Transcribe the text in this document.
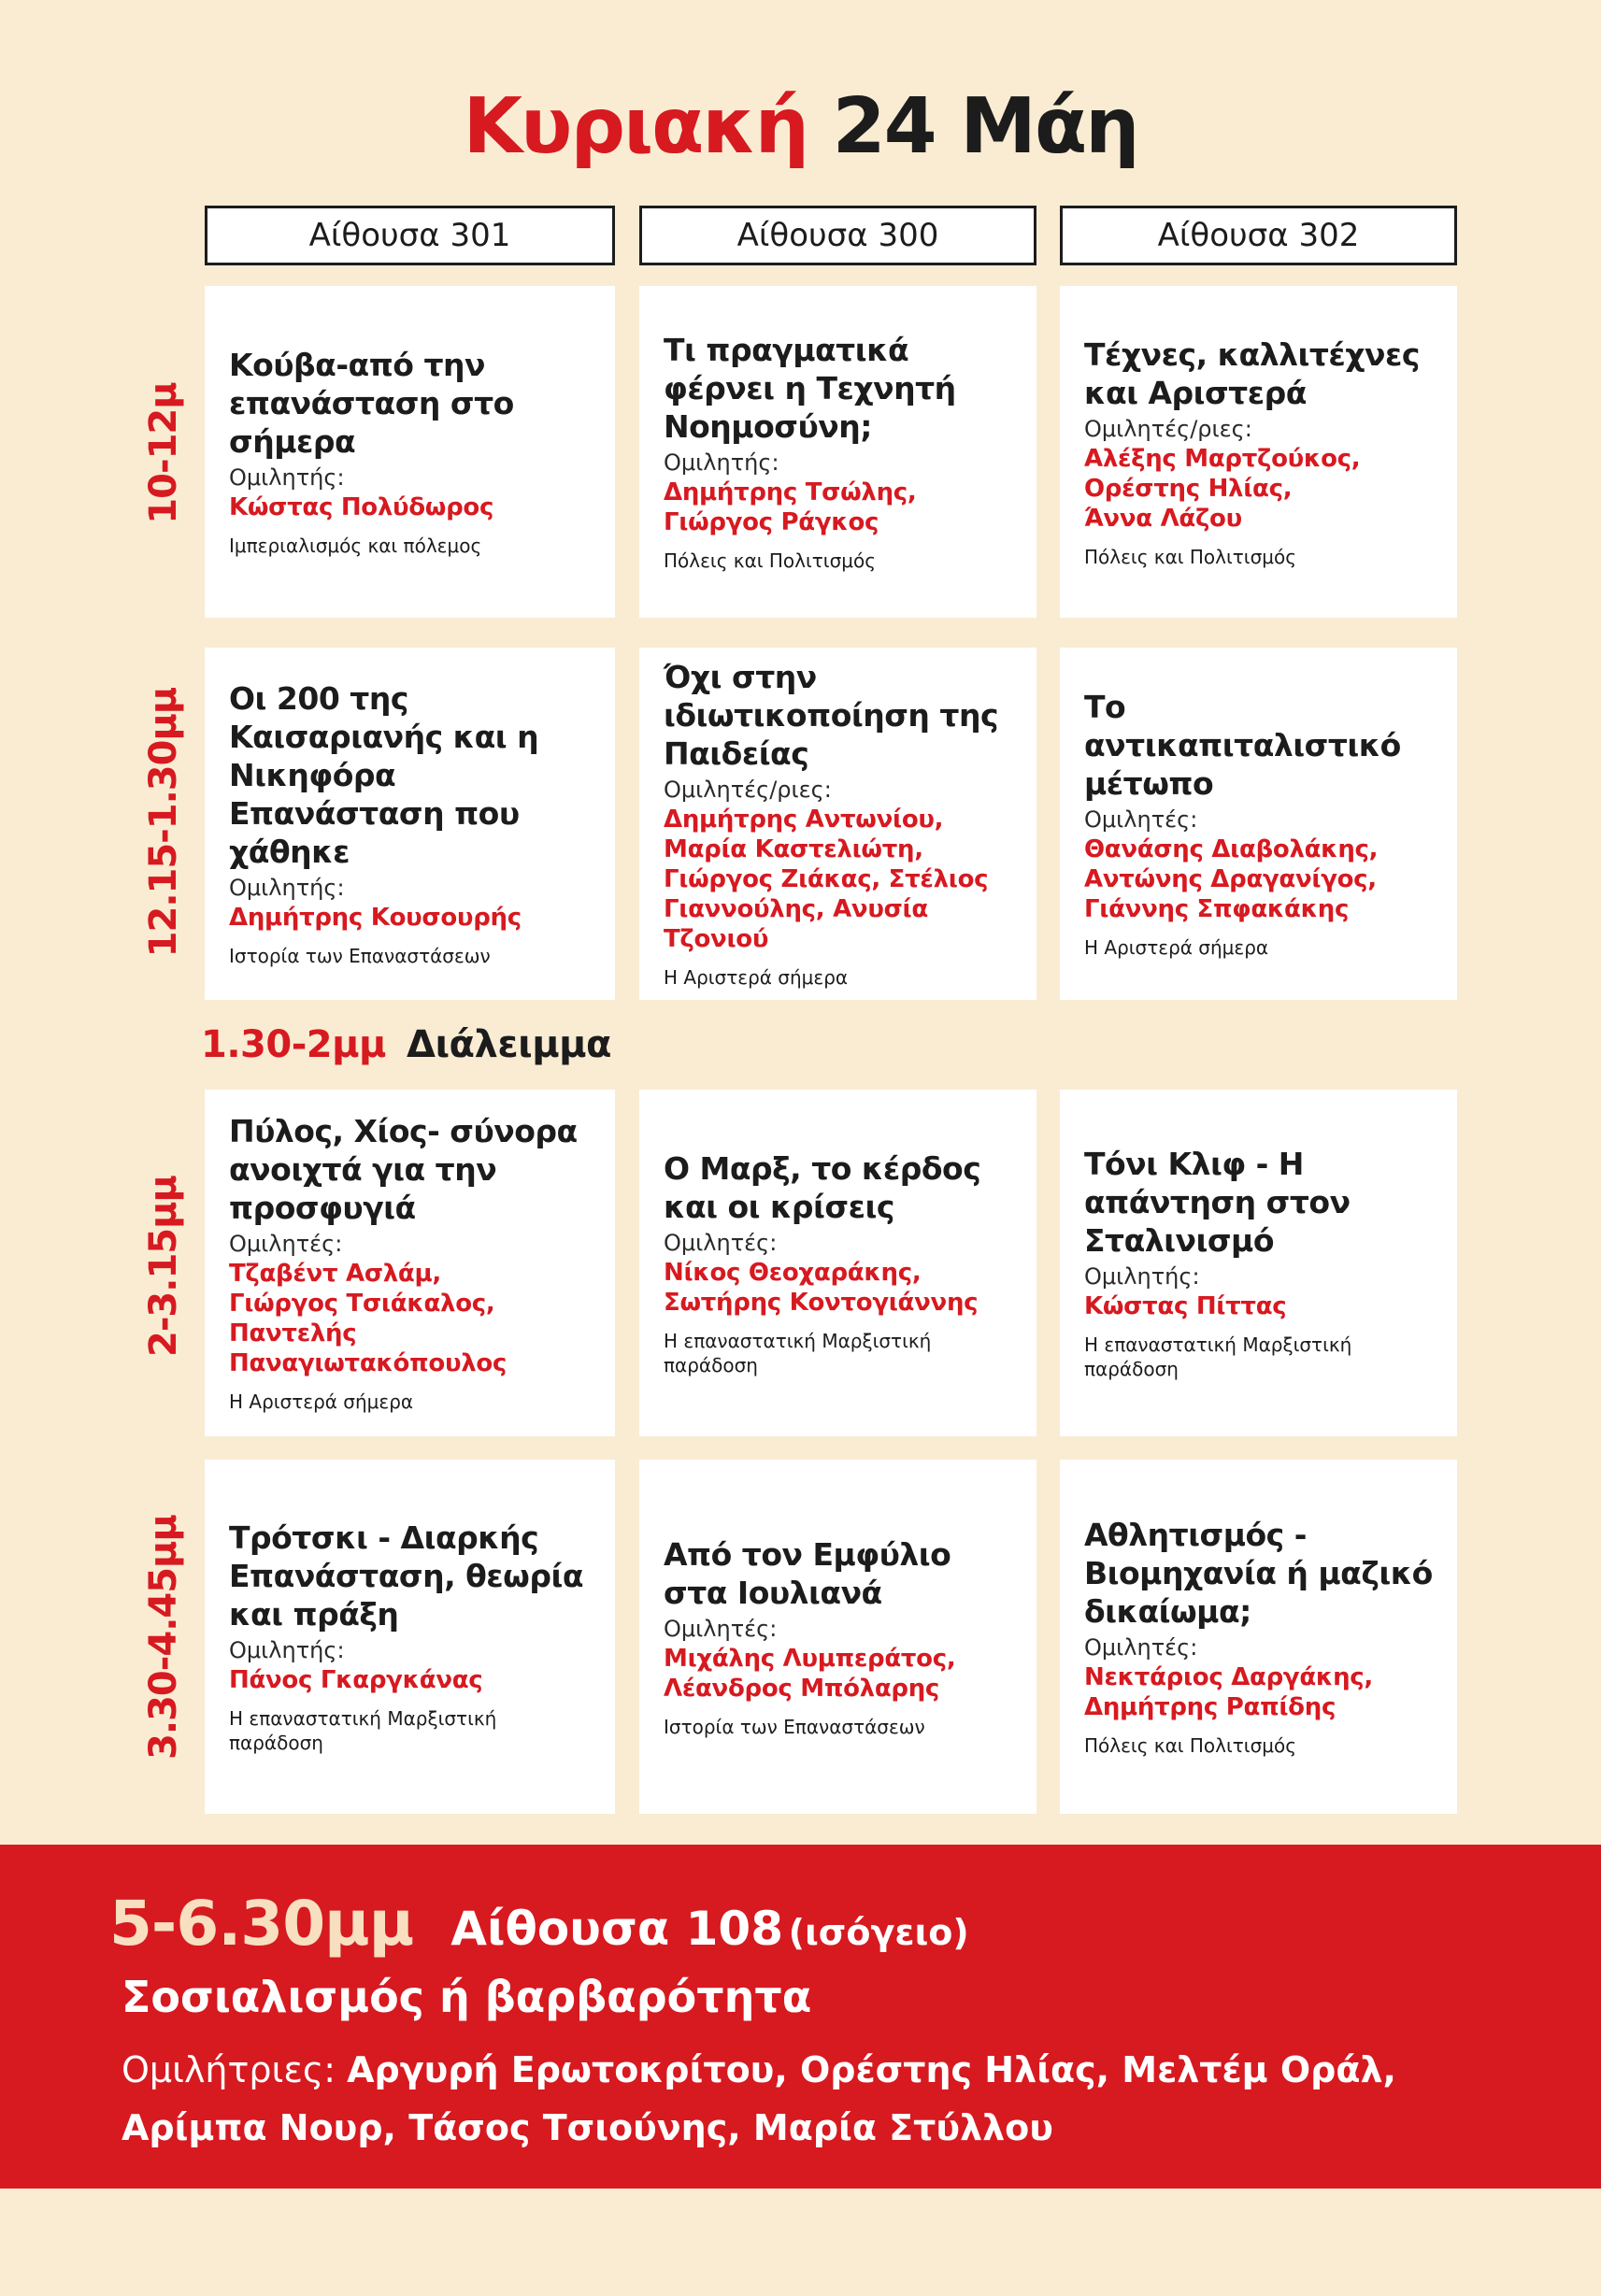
Κυριακή 24 Μάη
Αίθουσα 301	Αίθουσα 300	Αίθουσα 302
10-12μ
12.15-1.30μμ
2-3.15μμ
3.30-4.45μμ
Κούβα-από την επανάσταση στο σήμερα
Ομιλητής:
Κώστας Πολύδωρος
Ιμπεριαλισμός και πόλεμος
Τι πραγματικά φέρνει η Τεχνητή Νοημοσύνη;
Ομιλητής:
Δημήτρης Τσώλης,
Γιώργος Ράγκος
Πόλεις και Πολιτισμός
Τέχνες, καλλιτέχνες και Αριστερά
Ομιλητές/ριες:
Αλέξης Μαρτζούκος,
Ορέστης Ηλίας,
Άννα Λάζου
Πόλεις και Πολιτισμός
Οι 200 της Καισαριανής και η Νικηφόρα Επανάσταση που χάθηκε
Ομιλητής:
Δημήτρης Κουσουρής
Ιστορία των Επαναστάσεων
Όχι στην ιδιωτικοποίηση της Παιδείας
Ομιλητές/ριες:
Δημήτρης Αντωνίου,
Μαρία Καστελιώτη,
Γιώργος Ζιάκας, Στέλιος
Γιαννούλης, Ανυσία Τζονιού
Η Αριστερά σήμερα
Το αντικαπιταλιστικό μέτωπο
Ομιλητές:
Θανάσης Διαβολάκης,
Αντώνης Δραγανίγος,
Γιάννης Σπφακάκης
Η Αριστερά σήμερα
1.30-2μμ Διάλειμμα
Πύλος, Χίος- σύνορα ανοιχτά για την προσφυγιά
Ομιλητές:
Τζαβέντ Ασλάμ,
Γιώργος Τσιάκαλος, Παντελής
Παναγιωτακόπουλος
Η Αριστερά σήμερα
Ο Μαρξ, το κέρδος και οι κρίσεις
Ομιλητές:
Νίκος Θεοχαράκης,
Σωτήρης Κοντογιάννης
Η επαναστατική Μαρξιστική παράδοση
Τόνι Κλιφ - Η απάντηση στον Σταλινισμό
Ομιλητής:
Κώστας Πίττας
Η επαναστατική Μαρξιστική παράδοση
Τρότσκι - Διαρκής Επανάσταση, θεωρία και πράξη
Ομιλητής:
Πάνος Γκαργκάνας
Η επαναστατική Μαρξιστική παράδοση
Από τον Εμφύλιο στα Ιουλιανά
Ομιλητές:
Μιχάλης Λυμπεράτος,
Λέανδρος Μπόλαρης
Ιστορία των Επαναστάσεων
Αθλητισμός - Βιομηχανία ή μαζικό δικαίωμα;
Ομιλητές:
Νεκτάριος Δαργάκης,
Δημήτρης Ραπίδης
Πόλεις και Πολιτισμός
5-6.30μμ Αίθουσα 108 (ισόγειο)
Σοσιαλισμός ή βαρβαρότητα
Ομιλήτριες: Αργυρή Ερωτοκρίτου, Ορέστης Ηλίας, Μελτέμ Οράλ,
Αρίμπα Νουρ, Τάσος Τσιούνης, Μαρία Στύλλου
